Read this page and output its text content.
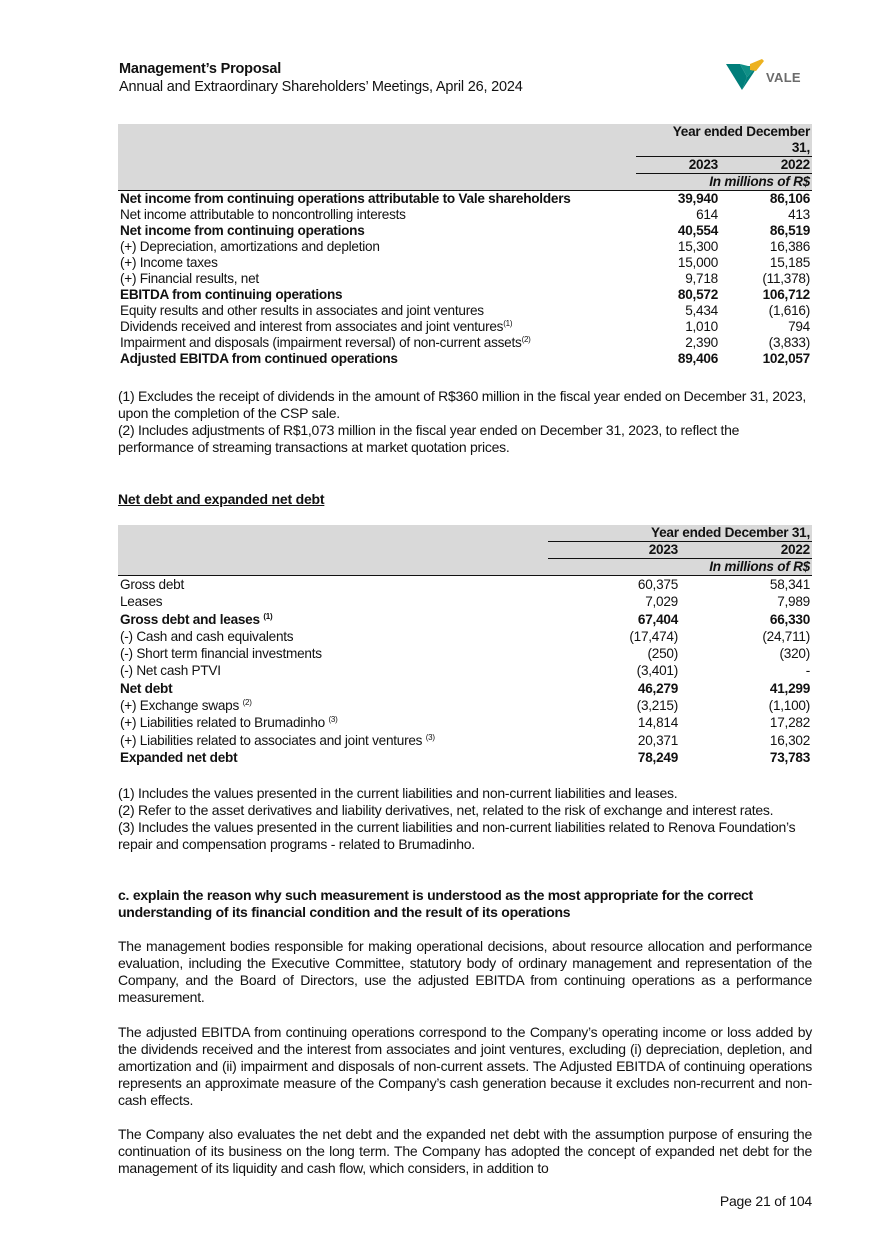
Management’s Proposal
Annual and Extraordinary Shareholders’ Meetings, April 26, 2024
VALE
	Year ended December 31,	
	2023	2022
	In millions of R$	
Net income from continuing operations attributable to Vale shareholders	39,940	86,106
Net income attributable to noncontrolling interests	614	413
Net income from continuing operations	40,554	86,519
(+) Depreciation, amortizations and depletion	15,300	16,386
(+) Income taxes	15,000	15,185
(+) Financial results, net	9,718	(11,378)
EBITDA from continuing operations	80,572	106,712
Equity results and other results in associates and joint ventures	5,434	(1,616)
Dividends received and interest from associates and joint ventures$^{(1)}$	1,010	794
Impairment and disposals (impairment reversal) of non-current assets$^{(2)}$	2,390	(3,833)
Adjusted EBITDA from continued operations	89,406	102,057
(1) Excludes the receipt of dividends in the amount of R$360 million in the fiscal year ended on December 31, 2023, upon the completion of the CSP sale.
(2) Includes adjustments of R$1,073 million in the fiscal year ended on December 31, 2023, to reflect the performance of streaming transactions at market quotation prices.
Net debt and expanded net debt
	Year ended December 31,	
	2023	2022
	In millions of R$	
Gross debt	60,375	58,341
Leases	7,029	7,989
Gross debt and leases $^{(1)}$	67,404	66,330
(-) Cash and cash equivalents	(17,474)	(24,711)
(-) Short term financial investments	(250)	(320)
(-) Net cash PTVI	(3,401)	-
Net debt	46,279	41,299
(+) Exchange swaps $^{(2)}$	(3,215)	(1,100)
(+) Liabilities related to Brumadinho $^{(3)}$	14,814	17,282
(+) Liabilities related to associates and joint ventures $^{(3)}$	20,371	16,302
Expanded net debt	78,249	73,783
(1) Includes the values presented in the current liabilities and non-current liabilities and leases.
(2) Refer to the asset derivatives and liability derivatives, net, related to the risk of exchange and interest rates.
(3) Includes the values presented in the current liabilities and non-current liabilities related to Renova Foundation’s repair and compensation programs - related to Brumadinho.
c. explain the reason why such measurement is understood as the most appropriate for the correct understanding of its financial condition and the result of its operations
The management bodies responsible for making operational decisions, about resource allocation and performance evaluation, including the Executive Committee, statutory body of ordinary management and representation of the Company, and the Board of Directors, use the adjusted EBITDA from continuing operations as a performance measurement.
The adjusted EBITDA from continuing operations correspond to the Company’s operating income or loss added by the dividends received and the interest from associates and joint ventures, excluding (i) depreciation, depletion, and amortization and (ii) impairment and disposals of non-current assets. The Adjusted EBITDA of continuing operations represents an approximate measure of the Company’s cash generation because it excludes non-recurrent and non-cash effects.
The Company also evaluates the net debt and the expanded net debt with the assumption purpose of ensuring the continuation of its business on the long term. The Company has adopted the concept of expanded net debt for the management of its liquidity and cash flow, which considers, in addition to
Page 21 of 104
